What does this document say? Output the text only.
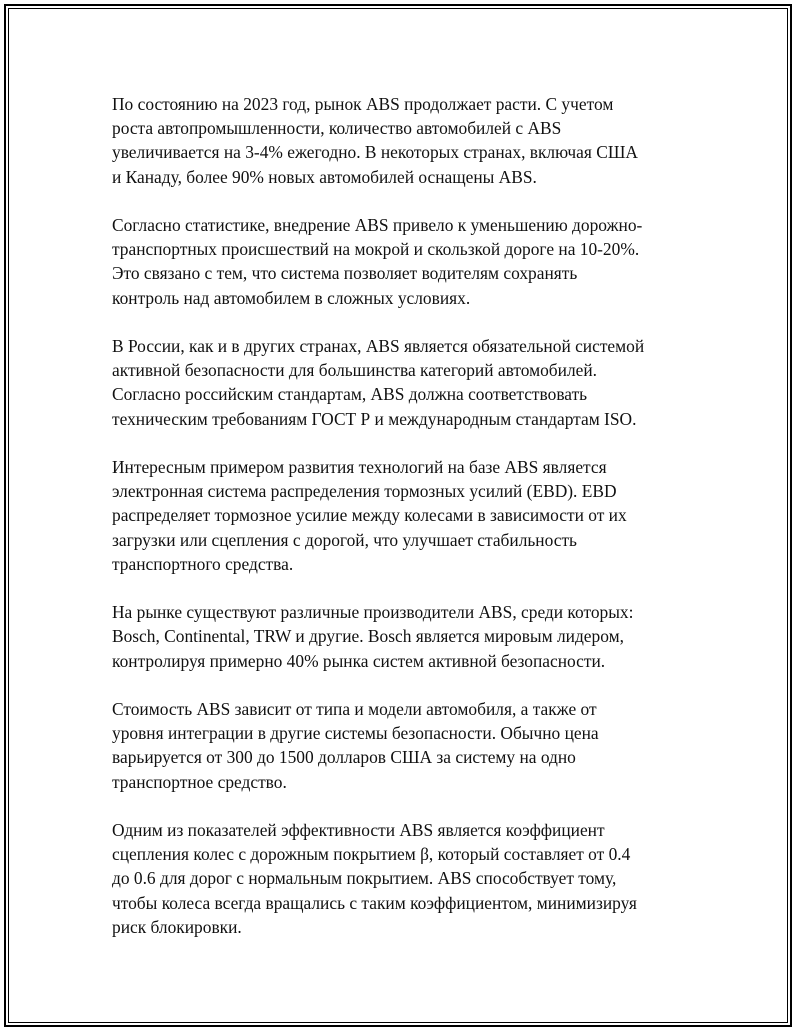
По состоянию на 2023 год, рынок ABS продолжает расти. С учетом
роста автопромышленности, количество автомобилей с ABS
увеличивается на 3-4% ежегодно. В некоторых странах, включая США
и Канаду, более 90% новых автомобилей оснащены ABS.

Согласно статистике, внедрение ABS привело к уменьшению дорожно-
транспортных происшествий на мокрой и скользкой дороге на 10-20%.
Это связано с тем, что система позволяет водителям сохранять
контроль над автомобилем в сложных условиях.

В России, как и в других странах, ABS является обязательной системой
активной безопасности для большинства категорий автомобилей.
Согласно российским стандартам, ABS должна соответствовать
техническим требованиям ГОСТ Р и международным стандартам ISO.

Интересным примером развития технологий на базе ABS является
электронная система распределения тормозных усилий (EBD). EBD
распределяет тормозное усилие между колесами в зависимости от их
загрузки или сцепления с дорогой, что улучшает стабильность
транспортного средства.

На рынке существуют различные производители ABS, среди которых:
Bosch, Continental, TRW и другие. Bosch является мировым лидером,
контролируя примерно 40% рынка систем активной безопасности.

Стоимость ABS зависит от типа и модели автомобиля, а также от
уровня интеграции в другие системы безопасности. Обычно цена
варьируется от 300 до 1500 долларов США за систему на одно
транспортное средство.

Одним из показателей эффективности ABS является коэффициент
сцепления колес с дорожным покрытием β, который составляет от 0.4
до 0.6 для дорог с нормальным покрытием. ABS способствует тому,
чтобы колеса всегда вращались с таким коэффициентом, минимизируя
риск блокировки.
